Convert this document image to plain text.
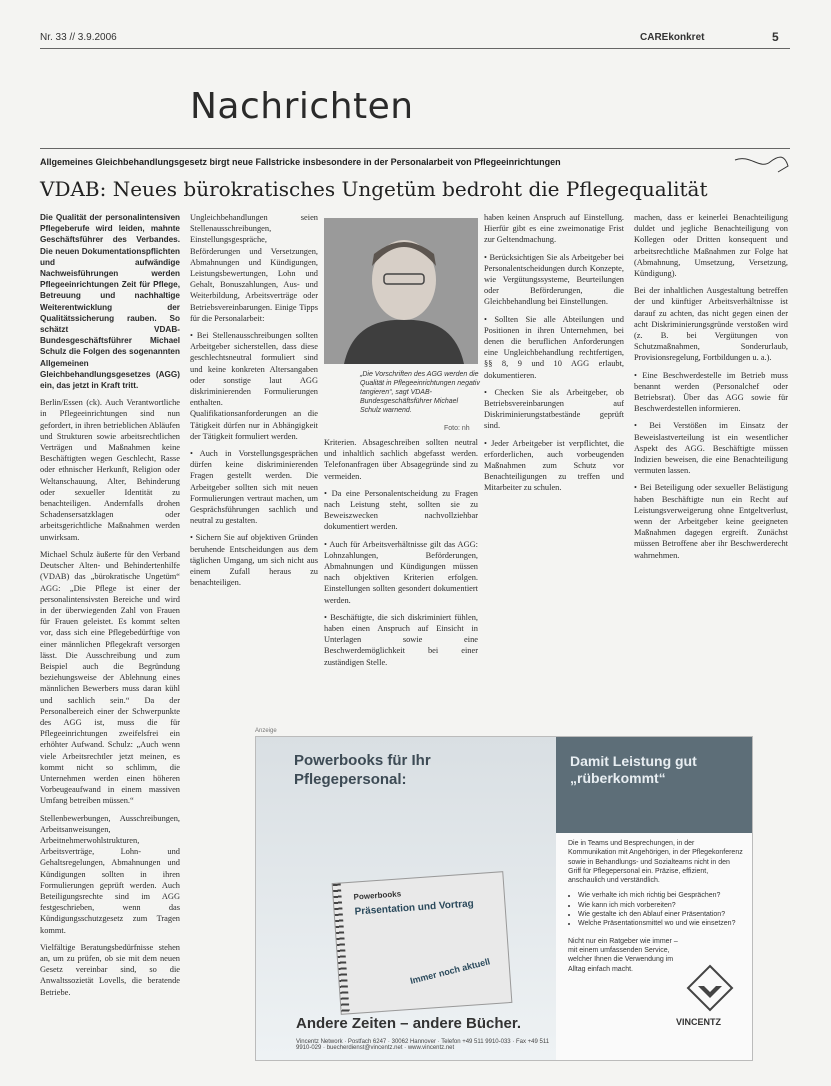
Nr. 33 // 3.9.2006	CAREkonkret	5
Nachrichten
Allgemeines Gleichbehandlungsgesetz birgt neue Fallstricke insbesondere in der Personalarbeit von Pflegeeinrichtungen
VDAB: Neues bürokratisches Ungetüm bedroht die Pflegequalität

Die Qualität der personalintensiven Pflegeberufe wird leiden, mahnte Geschäftsführer des Verbandes. Die neuen Dokumentationspflichten und aufwändige Nachweisführungen werden Pflegeeinrichtungen Zeit für Pflege, Betreuung und nachhaltige Weiterentwicklung der Qualitätssicherung rauben. So schätzt VDAB-Bundesgeschäftsführer Michael Schulz die Folgen des sogenannten Allgemeinen Gleichbehandlungsgesetzes (AGG) ein, das jetzt in Kraft tritt.

Berlin/Essen (ck). Auch Verantwortliche in Pflegeeinrichtungen sind nun gefordert, in ihren betrieblichen Abläufen und Strukturen sowie arbeitsrechtlichen Verträgen und Maßnahmen keine Beschäftigten wegen Geschlecht, Rasse oder ethnischer Herkunft, Religion oder Weltanschauung, Alter, Behinderung oder sexueller Identität zu benachteiligen. Andernfalls drohen Schadensersatzklagen oder arbeitsgerichtliche Maßnahmen werden unwirksam.

Michael Schulz äußerte für den Verband Deutscher Alten- und Behindertenhilfe (VDAB) das „bürokratische Ungetüm“ AGG: „Die Pflege ist einer der personalintensivsten Bereiche und wird in der überwiegenden Zahl von Frauen für Frauen geleistet. Es kommt selten vor, dass sich eine Pflegebedürftige von einer männlichen Pflegekraft versorgen lässt. Die Ausschreibung und zum Beispiel auch die Begründung beziehungsweise der Ablehnung eines männlichen Bewerbers muss daran kühl und sachlich sein.“ Da der Personalbereich einer der Schwerpunkte des AGG ist, muss die für Pflegeeinrichtungen zweifelsfrei ein erhöhter Aufwand. Schulz: „Auch wenn viele Arbeitsrechtler jetzt meinen, es kommt nicht so schlimm, die Unternehmen werden einen höheren Vorbeugeaufwand in einem massiven Umfang betreiben müssen.“

Stellenbewerbungen, Ausschreibungen, Arbeitsanweisungen, Arbeitnehmerwohlstrukturen, Arbeitsverträge, Lohn- und Gehaltsregelungen, Abmahnungen und Kündigungen sollten in ihren Formulierungen geprüft werden. Auch Beteiligungsrechte sind im AGG festgeschrieben, wenn das Kündigungsschutzgesetz zum Tragen kommt.

Vielfältige Beratungsbedürfnisse stehen an, um zu prüfen, ob sie mit dem neuen Gesetz vereinbar sind, so die Anwaltssozietät Lovells, die beratende Betriebe.

Ungleichbehandlungen seien Stellenausschreibungen, Einstellungsgespräche, Beförderungen und Versetzungen, Abmahnungen und Kündigungen, Leistungsbewertungen, Lohn und Gehalt, Bonuszahlungen, Aus- und Weiterbildung, Arbeitsverträge oder Betriebsvereinbarungen. Einige Tipps für die Personalarbeit:

• Bei Stellenausschreibungen sollten Arbeitgeber sicherstellen, dass diese geschlechtsneutral formuliert sind und keine konkreten Altersangaben oder sonstige laut AGG diskriminierenden Formulierungen enthalten. Qualifikationsanforderungen an die Tätigkeit dürfen nur in Abhängigkeit der Tätigkeit formuliert werden.

• Auch in Vorstellungsgesprächen dürfen keine diskriminierenden Fragen gestellt werden. Die Arbeitgeber sollten sich mit neuen Formulierungen vertraut machen, um Gesprächsführungen sachlich und neutral zu gestalten.

• Sichern Sie auf objektiven Gründen beruhende Entscheidungen aus dem täglichen Umgang, um sich nicht aus einem Zufall heraus zu benachteiligen.

„Die Vorschriften des AGG werden die Qualität in Pflegeeinrichtungen negativ tangieren“, sagt VDAB-Bundesgeschäftsführer Michael Schulz warnend.
Foto: nh

Kriterien. Absageschreiben sollten neutral und inhaltlich sachlich abgefasst werden. Telefonanfragen über Absagegründe sind zu vermeiden.

• Da eine Personalentscheidung zu Fragen nach Leistung steht, sollten sie zu Beweiszwecken nachvollziehbar dokumentiert werden.

• Auch für Arbeitsverhältnisse gilt das AGG: Lohnzahlungen, Beförderungen, Abmahnungen und Kündigungen müssen nach objektiven Kriterien erfolgen. Einstellungen sollten gesondert dokumentiert werden.

• Beschäftigte, die sich diskriminiert fühlen, haben einen Anspruch auf Einsicht in Unterlagen sowie eine Beschwerdemöglichkeit bei einer zuständigen Stelle.

haben keinen Anspruch auf Einstellung. Hierfür gibt es eine zweimonatige Frist zur Geltendmachung.

• Berücksichtigen Sie als Arbeitgeber bei Personalentscheidungen durch Konzepte, wie Vergütungssysteme, Beurteilungen oder Beförderungen, die Gleichbehandlung bei Einstellungen.

• Sollten Sie alle Abteilungen und Positionen in ihren Unternehmen, bei denen die beruflichen Anforderungen eine Ungleichbehandlung rechtfertigen, §§ 8, 9 und 10 AGG erlaubt, dokumentieren.

• Checken Sie als Arbeitgeber, ob Betriebsvereinbarungen auf Diskriminierungstatbestände geprüft sind.

• Jeder Arbeitgeber ist verpflichtet, die erforderlichen, auch vorbeugenden Maßnahmen zum Schutz vor Benachteiligungen zu treffen und Mitarbeiter zu schulen.

machen, dass er keinerlei Benachteiligung duldet und jegliche Benachteiligung von Kollegen oder Dritten konsequent und arbeitsrechtliche Maßnahmen zur Folge hat (Abmahnung, Umsetzung, Versetzung, Kündigung).

Bei der inhaltlichen Ausgestaltung betreffen der und künftiger Arbeitsverhältnisse ist darauf zu achten, das nicht gegen einen der acht Diskriminierungsgründe verstoßen wird (z. B. bei Vergütungen von Schutzmaßnahmen, Sonderurlaub, Provisionsregelung, Fortbildungen u. a.).

• Eine Beschwerdestelle im Betrieb muss benannt werden (Personalchef oder Betriebsrat). Über das AGG sowie für Beschwerdestellen informieren.

• Bei Verstößen im Einsatz der Beweislastverteilung ist ein wesentlicher Aspekt des AGG. Beschäftigte müssen Indizien beweisen, die eine Benachteiligung vermuten lassen.

• Bei Beteiligung oder sexueller Belästigung haben Beschäftigte nun ein Recht auf Leistungsverweigerung ohne Entgeltverlust, wenn der Arbeitgeber keine geeigneten Maßnahmen dagegen ergreift. Zunächst müssen Betroffene aber ihr Beschwerderecht wahrnehmen.

Anzeige
Powerbooks für Ihr Pflegepersonal:
Powerbooks
Präsentation und Vortrag
Immer noch aktuell
Andere Zeiten – andere Bücher.
Vincentz Network · Postfach 6247 · 30062 Hannover · Telefon +49 511 9910-033 · Fax +49 511 9910-029 · buecherdienst@vincentz.net · www.vincentz.net
Damit Leistung gut „rüberkommt“
Die in Teams und Besprechungen, in der Kommunikation mit Angehörigen, in der Pflegekonferenz sowie in Behandlungs- und Sozialteams nicht in den Griff für Pflegepersonal ein. Präzise, effizient, anschaulich und verständlich.
• Wie verhalte ich mich richtig bei Gesprächen?
• Wie kann ich mich vorbereiten?
• Wie gestalte ich den Ablauf einer Präsentation?
• Welche Präsentationsmittel wo und wie einsetzen?
Nicht nur ein Ratgeber wie immer – mit einem umfassenden Service, welcher Ihnen die Verwendung im Alltag einfach macht.
VINCENTZ
